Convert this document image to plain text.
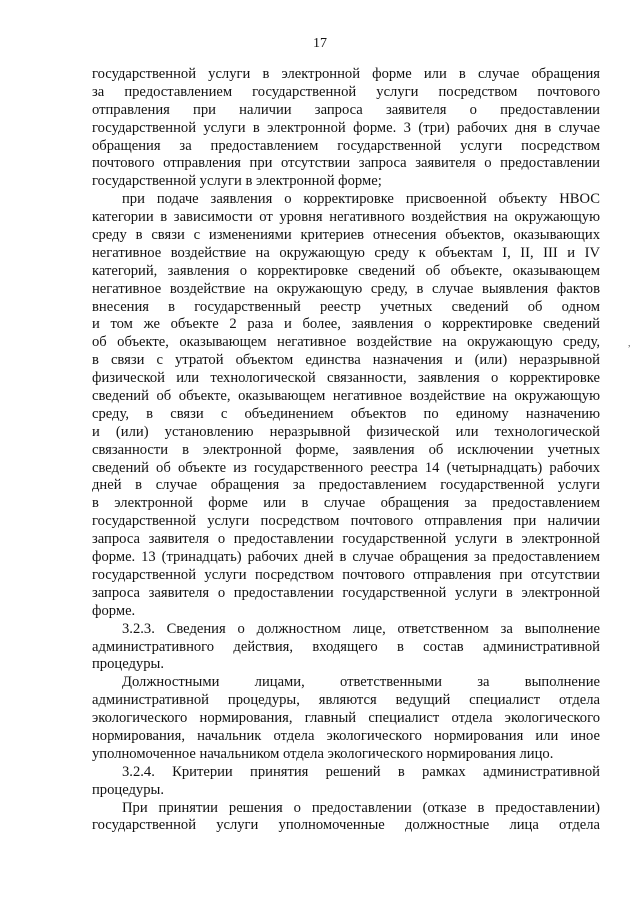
17
государственной услуги в электронной форме или в случае обращения
за предоставлением государственной услуги посредством почтового
отправления при наличии запроса заявителя о предоставлении
государственной услуги в электронной форме. 3 (три) рабочих дня в случае
обращения за предоставлением государственной услуги посредством
почтового отправления при отсутствии запроса заявителя о предоставлении
государственной услуги в электронной форме;
при подаче заявления о корректировке присвоенной объекту НВОС
категории в зависимости от уровня негативного воздействия на окружающую
среду в связи с изменениями критериев отнесения объектов, оказывающих
негативное воздействие на окружающую среду к объектам I, II, III и IV
категорий, заявления о корректировке сведений об объекте, оказывающем
негативное воздействие на окружающую среду, в случае выявления фактов
внесения в государственный реестр учетных сведений об одном
и том же объекте 2 раза и более, заявления о корректировке сведений
об объекте, оказывающем негативное воздействие на окружающую среду,
в связи с утратой объектом единства назначения и (или) неразрывной
физической или технологической связанности, заявления о корректировке
сведений об объекте, оказывающем негативное воздействие на окружающую
среду, в связи с объединением объектов по единому назначению
и (или) установлению неразрывной физической или технологической
связанности в электронной форме, заявления об исключении учетных
сведений об объекте из государственного реестра 14 (четырнадцать) рабочих
дней в случае обращения за предоставлением государственной услуги
в электронной форме или в случае обращения за предоставлением
государственной услуги посредством почтового отправления при наличии
запроса заявителя о предоставлении государственной услуги в электронной
форме. 13 (тринадцать) рабочих дней в случае обращения за предоставлением
государственной услуги посредством почтового отправления при отсутствии
запроса заявителя о предоставлении государственной услуги в электронной
форме.
3.2.3. Сведения о должностном лице, ответственном за выполнение
административного действия, входящего в состав административной
процедуры.
Должностными лицами, ответственными за выполнение
административной процедуры, являются ведущий специалист отдела
экологического нормирования, главный специалист отдела экологического
нормирования, начальник отдела экологического нормирования или иное
уполномоченное начальником отдела экологического нормирования лицо.
3.2.4. Критерии принятия решений в рамках административной
процедуры.
При принятии решения о предоставлении (отказе в предоставлении)
государственной услуги уполномоченные должностные лица отдела
,
